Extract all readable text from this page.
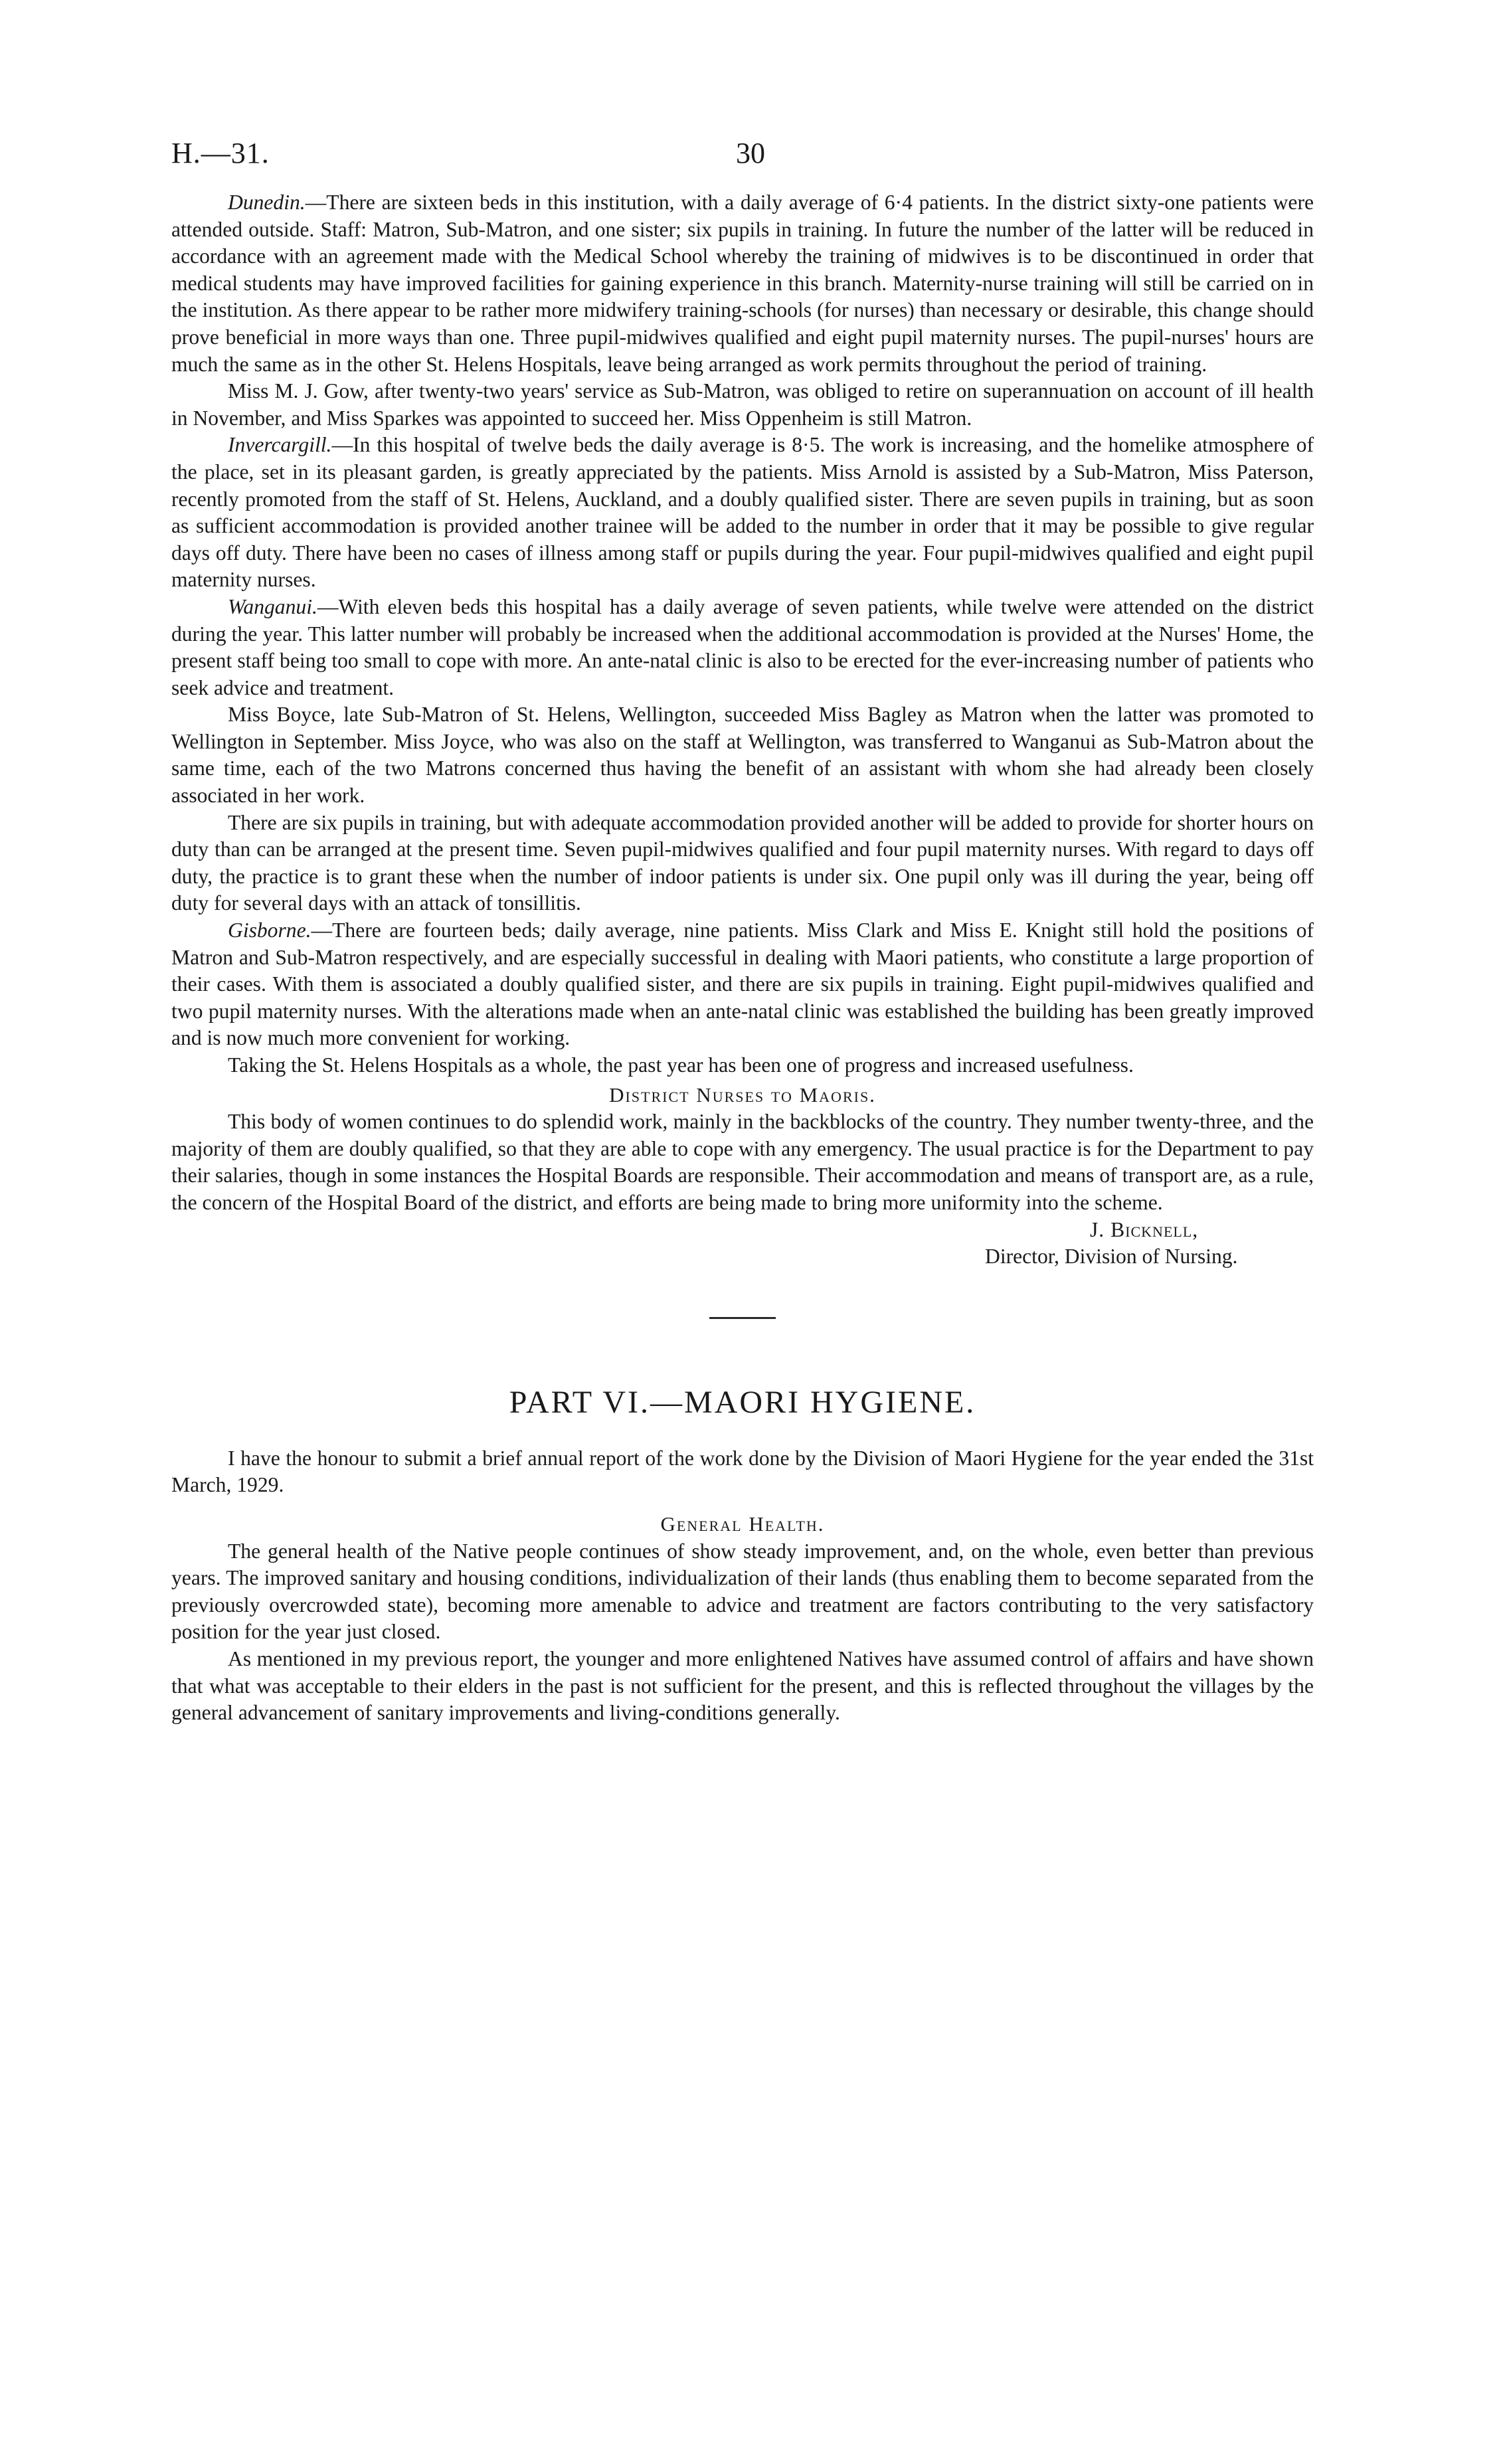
H.—31.	30

Dunedin.—There are sixteen beds in this institution, with a daily average of 6·4 patients. In the district sixty-one patients were attended outside. Staff: Matron, Sub-Matron, and one sister; six pupils in training. In future the number of the latter will be reduced in accordance with an agreement made with the Medical School whereby the training of midwives is to be discontinued in order that medical students may have improved facilities for gaining experience in this branch. Maternity-nurse training will still be carried on in the institution. As there appear to be rather more midwifery training-schools (for nurses) than necessary or desirable, this change should prove beneficial in more ways than one. Three pupil-midwives qualified and eight pupil maternity nurses. The pupil-nurses' hours are much the same as in the other St. Helens Hospitals, leave being arranged as work permits throughout the period of training.

Miss M. J. Gow, after twenty-two years' service as Sub-Matron, was obliged to retire on superannuation on account of ill health in November, and Miss Sparkes was appointed to succeed her. Miss Oppenheim is still Matron.

Invercargill.—In this hospital of twelve beds the daily average is 8·5. The work is increasing, and the homelike atmosphere of the place, set in its pleasant garden, is greatly appreciated by the patients. Miss Arnold is assisted by a Sub-Matron, Miss Paterson, recently promoted from the staff of St. Helens, Auckland, and a doubly qualified sister. There are seven pupils in training, but as soon as sufficient accommodation is provided another trainee will be added to the number in order that it may be possible to give regular days off duty. There have been no cases of illness among staff or pupils during the year. Four pupil-midwives qualified and eight pupil maternity nurses.

Wanganui.—With eleven beds this hospital has a daily average of seven patients, while twelve were attended on the district during the year. This latter number will probably be increased when the additional accommodation is provided at the Nurses' Home, the present staff being too small to cope with more. An ante-natal clinic is also to be erected for the ever-increasing number of patients who seek advice and treatment.

Miss Boyce, late Sub-Matron of St. Helens, Wellington, succeeded Miss Bagley as Matron when the latter was promoted to Wellington in September. Miss Joyce, who was also on the staff at Wellington, was transferred to Wanganui as Sub-Matron about the same time, each of the two Matrons concerned thus having the benefit of an assistant with whom she had already been closely associated in her work.

There are six pupils in training, but with adequate accommodation provided another will be added to provide for shorter hours on duty than can be arranged at the present time. Seven pupil-midwives qualified and four pupil maternity nurses. With regard to days off duty, the practice is to grant these when the number of indoor patients is under six. One pupil only was ill during the year, being off duty for several days with an attack of tonsillitis.

Gisborne.—There are fourteen beds; daily average, nine patients. Miss Clark and Miss E. Knight still hold the positions of Matron and Sub-Matron respectively, and are especially successful in dealing with Maori patients, who constitute a large proportion of their cases. With them is associated a doubly qualified sister, and there are six pupils in training. Eight pupil-midwives qualified and two pupil maternity nurses. With the alterations made when an ante-natal clinic was established the building has been greatly improved and is now much more convenient for working.

Taking the St. Helens Hospitals as a whole, the past year has been one of progress and increased usefulness.

District Nurses to Maoris.

This body of women continues to do splendid work, mainly in the backblocks of the country. They number twenty-three, and the majority of them are doubly qualified, so that they are able to cope with any emergency. The usual practice is for the Department to pay their salaries, though in some instances the Hospital Boards are responsible. Their accommodation and means of transport are, as a rule, the concern of the Hospital Board of the district, and efforts are being made to bring more uniformity into the scheme.

J. Bicknell,

Director, Division of Nursing.

PART VI.—MAORI HYGIENE.

I have the honour to submit a brief annual report of the work done by the Division of Maori Hygiene for the year ended the 31st March, 1929.

General Health.

The general health of the Native people continues of show steady improvement, and, on the whole, even better than previous years. The improved sanitary and housing conditions, individualization of their lands (thus enabling them to become separated from the previously overcrowded state), becoming more amenable to advice and treatment are factors contributing to the very satisfactory position for the year just closed.

As mentioned in my previous report, the younger and more enlightened Natives have assumed control of affairs and have shown that what was acceptable to their elders in the past is not sufficient for the present, and this is reflected throughout the villages by the general advancement of sanitary improvements and living-conditions generally.
